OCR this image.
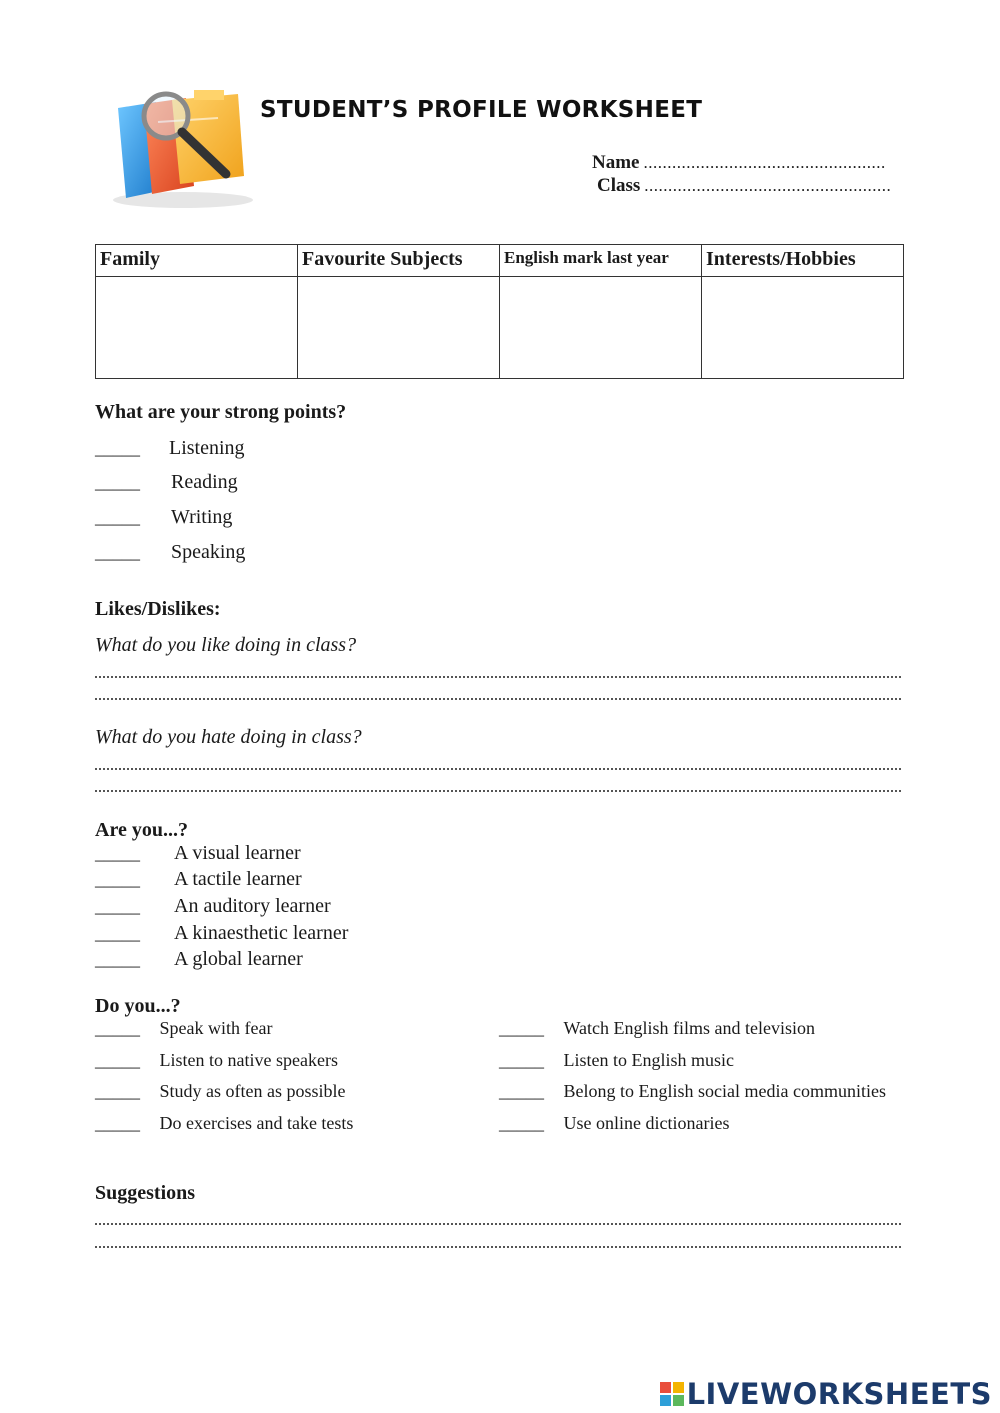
STUDENT’S PROFILE WORKSHEET
Name ...................................................
Class ....................................................
Family	Favourite Subjects	English mark last year	Interests/Hobbies

What are your strong points?
_____ Listening
_____ Reading
_____ Writing
_____ Speaking
Likes/Dislikes:
What do you like doing in class?
What do you hate doing in class?
Are you...?
_____ A visual learner
_____ A tactile learner
_____ An auditory learner
_____ A kinaesthetic learner
_____ A global learner
Do you...?
_____ Speak with fear
_____ Listen to native speakers
_____ Study as often as possible
_____ Do exercises and take tests
_____ Watch English films and television
_____ Listen to English music
_____ Belong to English social media communities
_____ Use online dictionaries
Suggestions
LIVEWORKSHEETS
